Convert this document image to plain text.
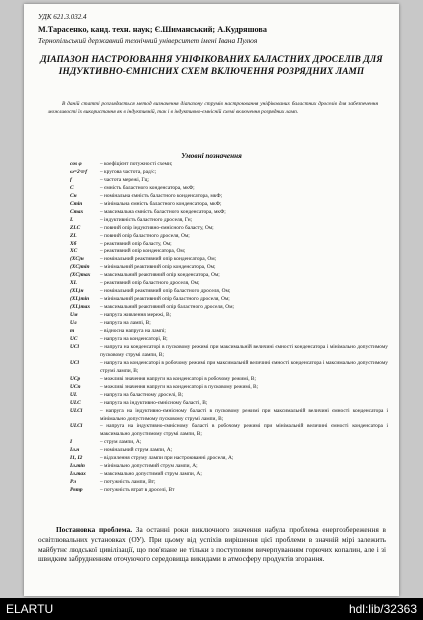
УДК 621.3.032.4
М.Тарасенко, канд. техн. наук; Є.Шиманський; А.Кудряшова
Тернопільський державний технічний університет імені Івана Пулюя
ДІАПАЗОН НАСТРОЮВАННЯ УНІФІКОВАНИХ БАЛАСТНИХ ДРОСЕЛІВ ДЛЯ ІНДУКТИВНО-ЄМНІСНИХ СХЕМ ВКЛЮЧЕННЯ РОЗРЯДНИХ ЛАМП
В даній статті розглядається метод визначення діапазону струмів настроювання уніфікованих баластних дроселів для забезпечення можливості їх використання як в індуктивній, так і в індуктивно-ємнісній схемі включення розрядних ламп.
Умовні позначення
cos φ	– коефіцієнт потужності схеми;
ω=2·π·f	– кругова частота, рад/с;
f	– частота мережі, Гц;
C	– ємність баластного конденсатора, мкФ;
Cн	– номінальна ємність баластного конденсатора, мкФ;
Cmin	– мінімальна ємність баластного конденсатора, мкФ;
Cmax	– максимальна ємність баластного конденсатора, мкФ;
L	– індуктивність баластного дроселя, Гн;
ZLC	– повний опір індуктивно-ємнісного баласту, Ом;
ZL	– повний опір баластного дроселя, Ом;
Xб	– реактивний опір баласту, Ом;
XC	– реактивний опір конденсатора, Ом;
(XC)н	– номінальний реактивний опір конденсатора, Ом;
(XC)min	– мінімальний реактивний опір конденсатора, Ом;
(XC)max	– максимальний реактивний опір конденсатора, Ом;
XL	– реактивний опір баластного дроселя, Ом;
(XL)н	– номінальний реактивний опір баластного дроселя, Ом;
(XL)min	– мінімальний реактивний опір баластного дроселя, Ом;
(XL)max	– максимальний реактивний опір баластного дроселя, Ом;
Uм	– напруга живлення мережі, В;
Uл	– напруга на лампі, В;
m	– відносна напруга на лампі;
UC	– напруга на конденсаторі, В;
UCl	– напруга на конденсаторі в пусковому режимі при максимальній величині ємності конденсатора і мінімально допустимому пусковому струмі лампи, В;
UCl	– напруга на конденсаторі в робочому режимі при максимальній величині ємності конденсатора і максимально допустимому струмі лампи, В;
UCр	– можливі значення напруги на конденсаторі в робочому режимі, В;
UCп	– можливі значення напруги на конденсаторі в пусковому режимі, В;
UL	– напруга на баластному дроселі, В;
ULC	– напруга на індуктивно-ємнісному баласті, В;
ULCl	– напруга на індуктивно-ємнісному баласті в пусковому режимі при максимальній величині ємності конденсатора і мінімально допустимому пусковому струмі лампи, В;
ULCl	– напруга на індуктивно-ємнісному баласті в робочому режимі при мінімальній величині ємності конденсатора і максимально допустимому струмі лампи, В;
I	– струм лампи, А;
Iл.н	– номінальний струм лампи, А;
I1, I2	– відхилення струму лампи при настроюванні дроселя, А;
Iл.min	– мінімально допустимий струм лампи, А;
Iл.max	– максимально допустимий струм лампи, А;
Pл	– потужність лампи, Вт;
Pвтр	– потужність втрат в дроселі, Вт
Постановка проблема. За останні роки виключного значення набула проблема енергозбереження в освітлювальних установках (ОУ). При цьому від успіхів вирішення цієї проблеми в значній мірі залежить майбутнє людської цивілізації, що пов'язане не тільки з поступовим вичерпуванням горючих копалин, але і зі швидким забрудненням оточуючого середовища викидами в атмосферу продуктів згорання.
ELARTU	hdl:lib/32363
